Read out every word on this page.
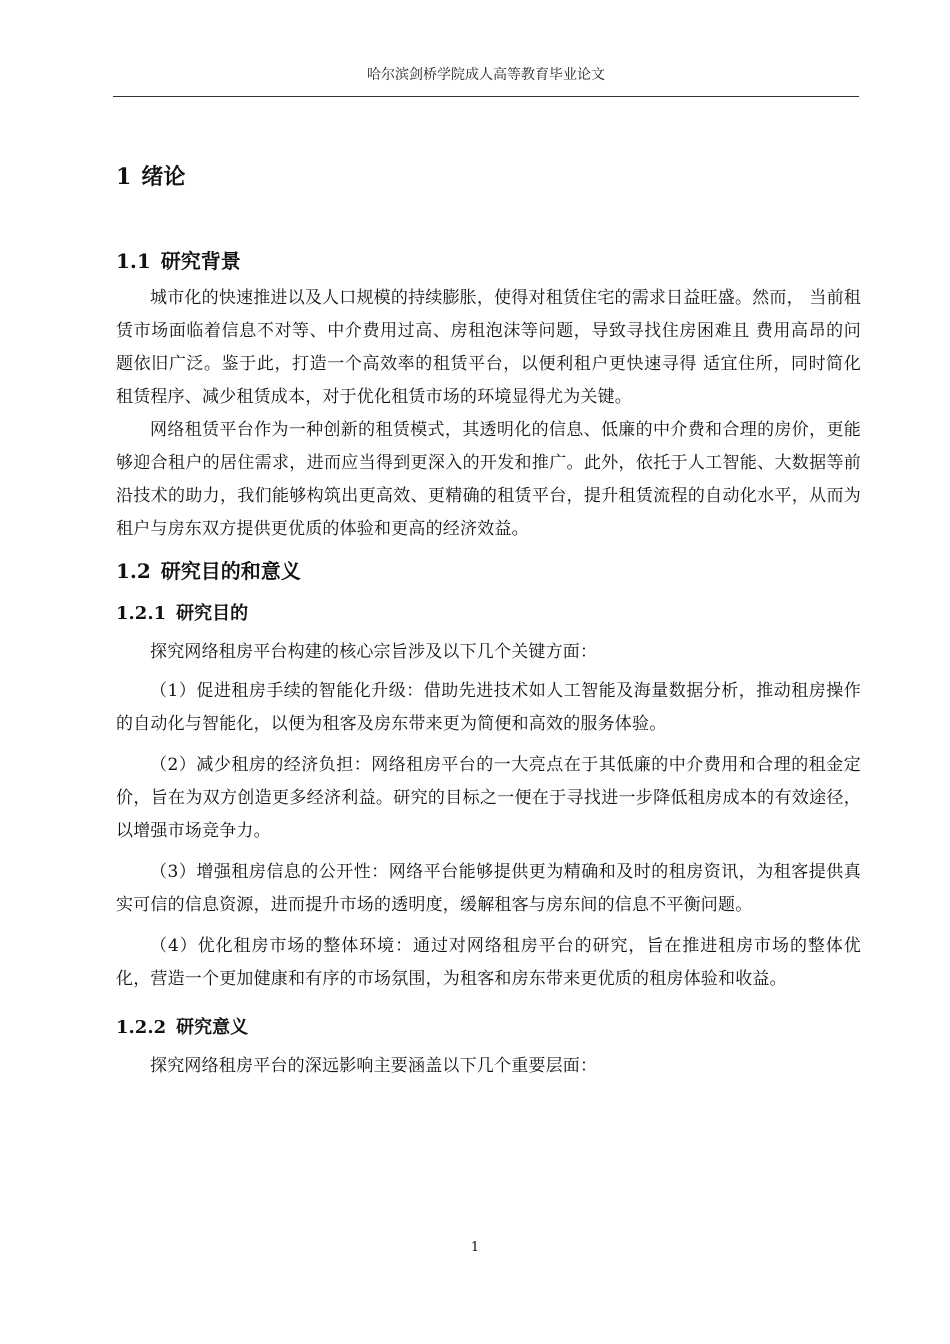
哈尔滨剑桥学院成人高等教育毕业论文
1 绪论
1.1 研究背景

城市化的快速推进以及人口规模的持续膨胀，使得对租赁住宅的需求日益旺盛。然而， 当前租赁市场面临着信息不对等、中介费用过高、房租泡沫等问题，导致寻找住房困难且 费用高昂的问题依旧广泛。鉴于此，打造一个高效率的租赁平台，以便利租户更快速寻得 适宜住所，同时简化租赁程序、减少租赁成本，对于优化租赁市场的环境显得尤为关键。

网络租赁平台作为一种创新的租赁模式，其透明化的信息、低廉的中介费和合理的房价，更能够迎合租户的居住需求，进而应当得到更深入的开发和推广。此外，依托于人工智能、大数据等前沿技术的助力，我们能够构筑出更高效、更精确的租赁平台，提升租赁流程的自动化水平，从而为租户与房东双方提供更优质的体验和更高的经济效益。

1.2 研究目的和意义
1.2.1 研究目的

探究网络租房平台构建的核心宗旨涉及以下几个关键方面：

（1）促进租房手续的智能化升级：借助先进技术如人工智能及海量数据分析，推动租房操作的自动化与智能化，以便为租客及房东带来更为简便和高效的服务体验。

（2）减少租房的经济负担：网络租房平台的一大亮点在于其低廉的中介费用和合理的租金定价，旨在为双方创造更多经济利益。研究的目标之一便在于寻找进一步降低租房成本的有效途径，以增强市场竞争力。

（3）增强租房信息的公开性：网络平台能够提供更为精确和及时的租房资讯，为租客提供真实可信的信息资源，进而提升市场的透明度，缓解租客与房东间的信息不平衡问题。

（4）优化租房市场的整体环境：通过对网络租房平台的研究，旨在推进租房市场的整体优化，营造一个更加健康和有序的市场氛围，为租客和房东带来更优质的租房体验和收益。

1.2.2 研究意义

探究网络租房平台的深远影响主要涵盖以下几个重要层面：

1
